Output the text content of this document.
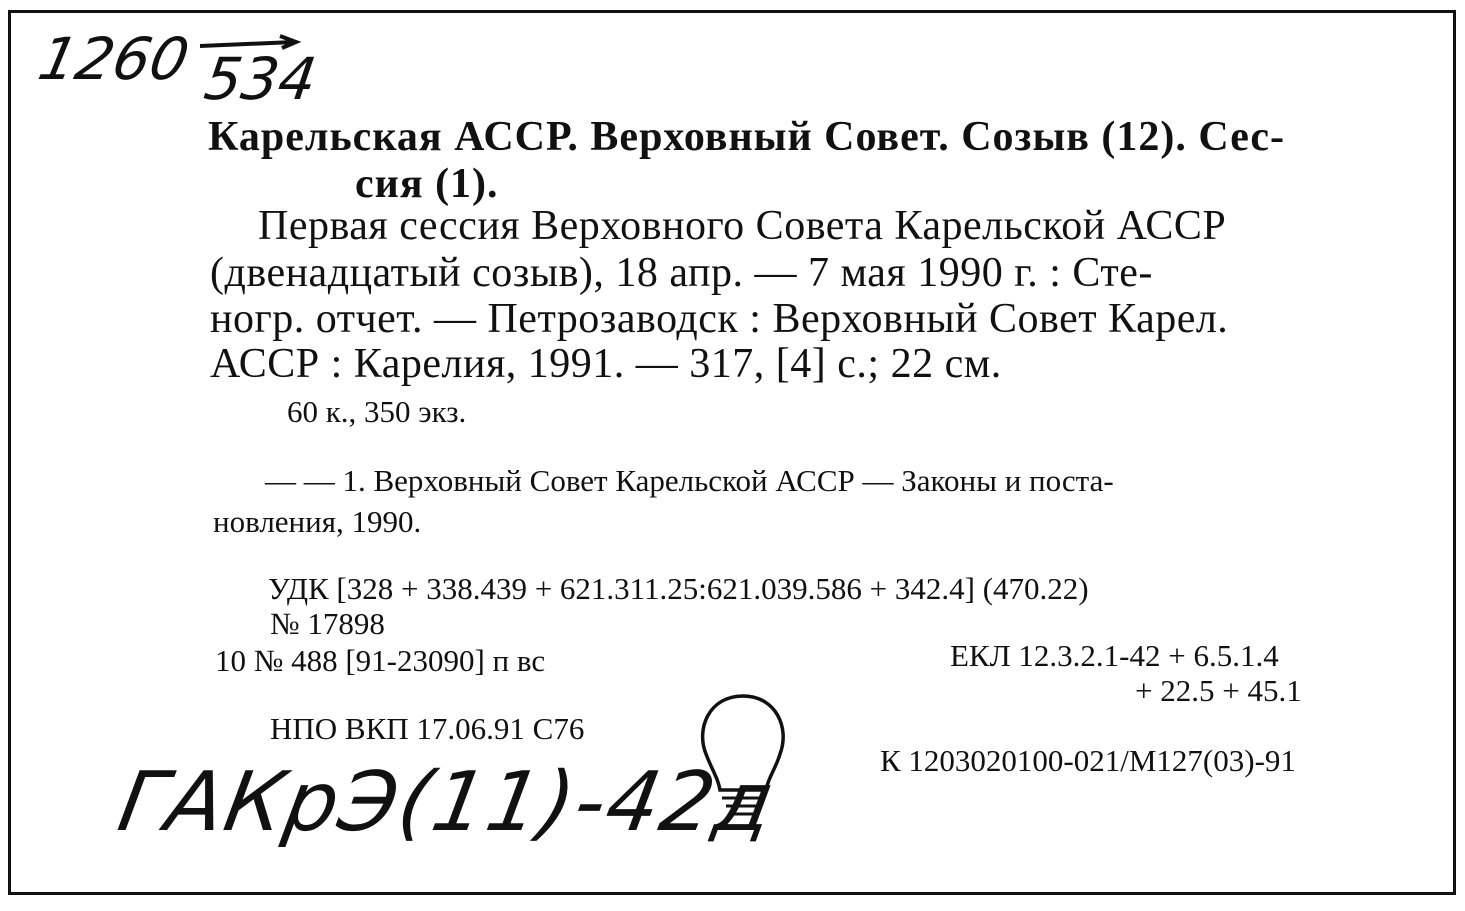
1260 534
Карельская АССР. Верховный Совет. Созыв (12). Сес-
сия (1).
Первая сессия Верховного Совета Карельской АССР
(двенадцатый созыв), 18 апр. — 7 мая 1990 г. : Сте-
ногр. отчет. — Петрозаводск : Верховный Совет Карел.
АССР : Карелия, 1991. — 317, [4] с.; 22 см.
60 к., 350 экз.
— — 1. Верховный Совет Карельской АССР — Законы и поста-
новления, 1990.
УДК [328 + 338.439 + 621.311.25:621.039.586 + 342.4] (470.22)
№ 17898
10 № 488 [91-23090] п вс	ЕКЛ 12.3.2.1-42 + 6.5.1.4
+ 22.5 + 45.1
НПО ВКП 17.06.91 С76
К 1203020100-021/М127(03)-91
ГАКрЭ(11)-42д
